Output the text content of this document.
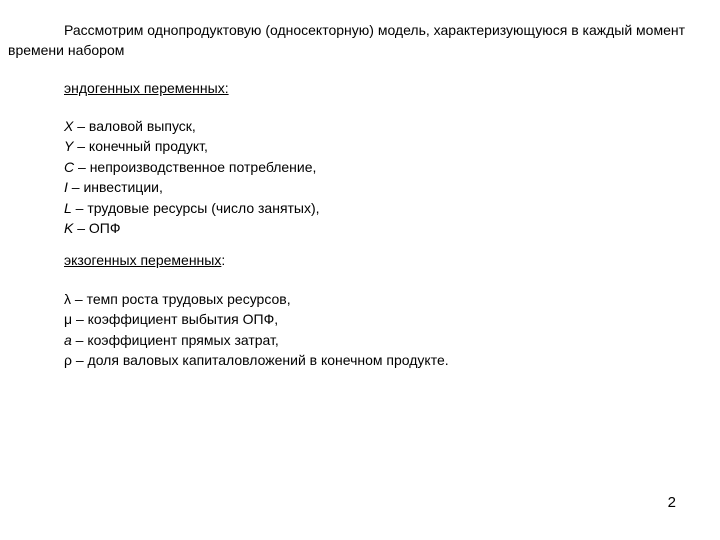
Рассмотрим однопродуктовую (односекторную) модель, характеризующуюся в каждый момент времени набором

эндогенных переменных:

X – валовой выпуск,
Y – конечный продукт,
C – непроизводственное потребление,
I – инвестиции,
L – трудовые ресурсы (число занятых),
K – ОПФ

экзогенных переменных:

λ – темп роста трудовых ресурсов,
μ – коэффициент выбытия ОПФ,
a – коэффициент прямых затрат,
ρ – доля валовых капиталовложений в конечном продукте.
2
